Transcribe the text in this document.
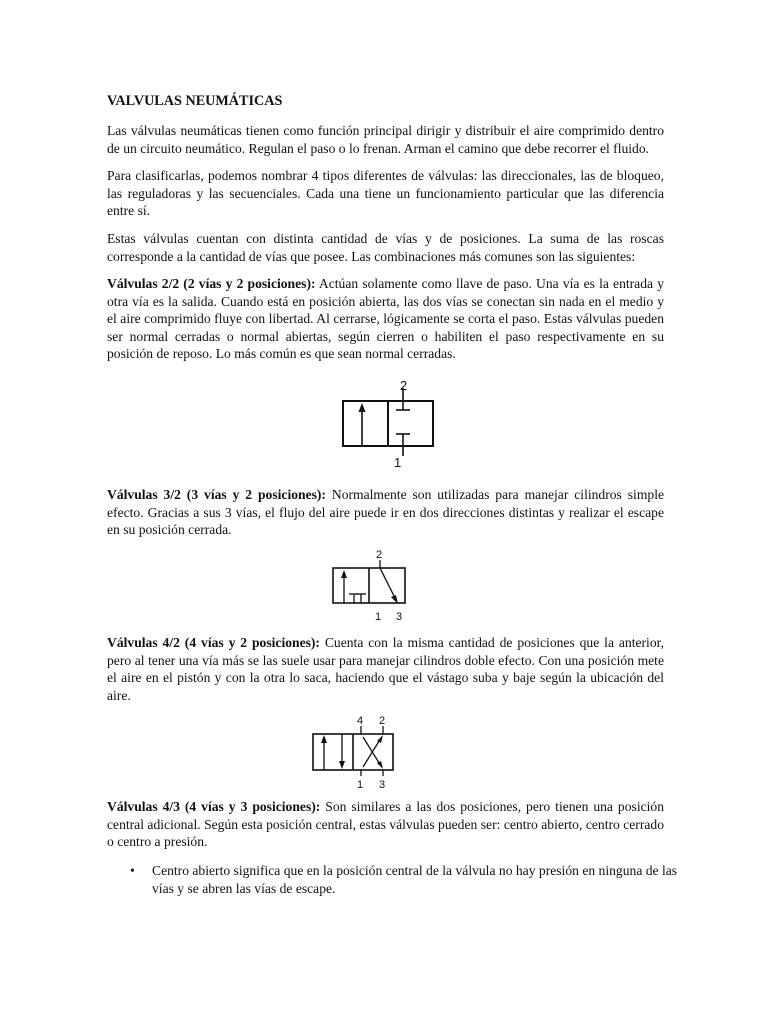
VALVULAS NEUMÁTICAS

Las válvulas neumáticas tienen como función principal dirigir y distribuir el aire comprimido dentro de un circuito neumático. Regulan el paso o lo frenan. Arman el camino que debe recorrer el fluido.

Para clasificarlas, podemos nombrar 4 tipos diferentes de válvulas: las direccionales, las de bloqueo, las reguladoras y las secuenciales. Cada una tiene un funcionamiento particular que las diferencia entre sí.

Estas válvulas cuentan con distinta cantidad de vías y de posiciones. La suma de las roscas corresponde a la cantidad de vías que posee. Las combinaciones más comunes son las siguientes:

Válvulas 2/2 (2 vías y 2 posiciones): Actúan solamente como llave de paso. Una vía es la entrada y otra vía es la salida. Cuando está en posición abierta, las dos vías se conectan sin nada en el medio y el aire comprimido fluye con libertad. Al cerrarse, lógicamente se corta el paso. Estas válvulas pueden ser normal cerradas o normal abiertas, según cierren o habiliten el paso respectivamente en su posición de reposo. Lo más común es que sean normal cerradas.

2
1

Válvulas 3/2 (3 vías y 2 posiciones): Normalmente son utilizadas para manejar cilindros simple efecto. Gracias a sus 3 vías, el flujo del aire puede ir en dos direcciones distintas y realizar el escape en su posición cerrada.

2
1 3

Válvulas 4/2 (4 vías y 2 posiciones): Cuenta con la misma cantidad de posiciones que la anterior, pero al tener una vía más se las suele usar para manejar cilindros doble efecto. Con una posición mete el aire en el pistón y con la otra lo saca, haciendo que el vástago suba y baje según la ubicación del aire.

4 2
1 3

Válvulas 4/3 (4 vías y 3 posiciones): Son similares a las dos posiciones, pero tienen una posición central adicional. Según esta posición central, estas válvulas pueden ser: centro abierto, centro cerrado o centro a presión.

• Centro abierto significa que en la posición central de la válvula no hay presión en ninguna de las vías y se abren las vías de escape.
